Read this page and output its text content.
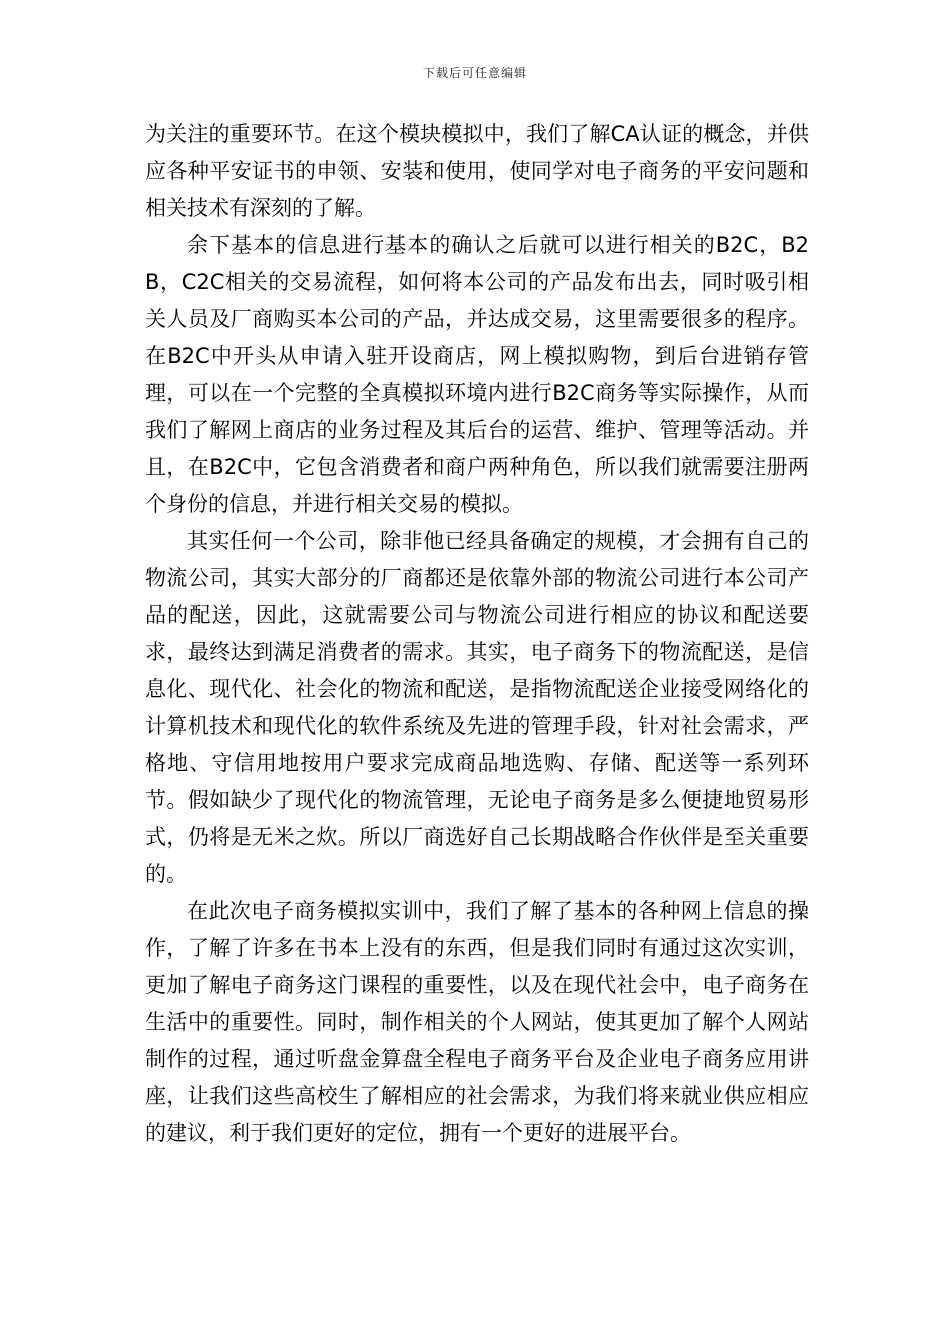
下载后可任意编辑

为关注的重要环节。在这个模块模拟中，我们了解CA认证的概念，并供应各种平安证书的申领、安装和使用，使同学对电子商务的平安问题和相关技术有深刻的了解。

余下基本的信息进行基本的确认之后就可以进行相关的B2C，B2B，C2C相关的交易流程，如何将本公司的产品发布出去，同时吸引相关人员及厂商购买本公司的产品，并达成交易，这里需要很多的程序。在B2C中开头从申请入驻开设商店，网上模拟购物，到后台进销存管理，可以在一个完整的全真模拟环境内进行B2C商务等实际操作，从而我们了解网上商店的业务过程及其后台的运营、维护、管理等活动。并且，在B2C中，它包含消费者和商户两种角色，所以我们就需要注册两个身份的信息，并进行相关交易的模拟。

其实任何一个公司，除非他已经具备确定的规模，才会拥有自己的物流公司，其实大部分的厂商都还是依靠外部的物流公司进行本公司产品的配送，因此，这就需要公司与物流公司进行相应的协议和配送要求，最终达到满足消费者的需求。其实，电子商务下的物流配送，是信息化、现代化、社会化的物流和配送，是指物流配送企业接受网络化的计算机技术和现代化的软件系统及先进的管理手段，针对社会需求，严格地、守信用地按用户要求完成商品地选购、存储、配送等一系列环节。假如缺少了现代化的物流管理，无论电子商务是多么便捷地贸易形式，仍将是无米之炊。所以厂商选好自己长期战略合作伙伴是至关重要的。

在此次电子商务模拟实训中，我们了解了基本的各种网上信息的操作，了解了许多在书本上没有的东西，但是我们同时有通过这次实训，更加了解电子商务这门课程的重要性，以及在现代社会中，电子商务在生活中的重要性。同时，制作相关的个人网站，使其更加了解个人网站制作的过程，通过听盘金算盘全程电子商务平台及企业电子商务应用讲座，让我们这些高校生了解相应的社会需求，为我们将来就业供应相应的建议，利于我们更好的定位，拥有一个更好的进展平台。
